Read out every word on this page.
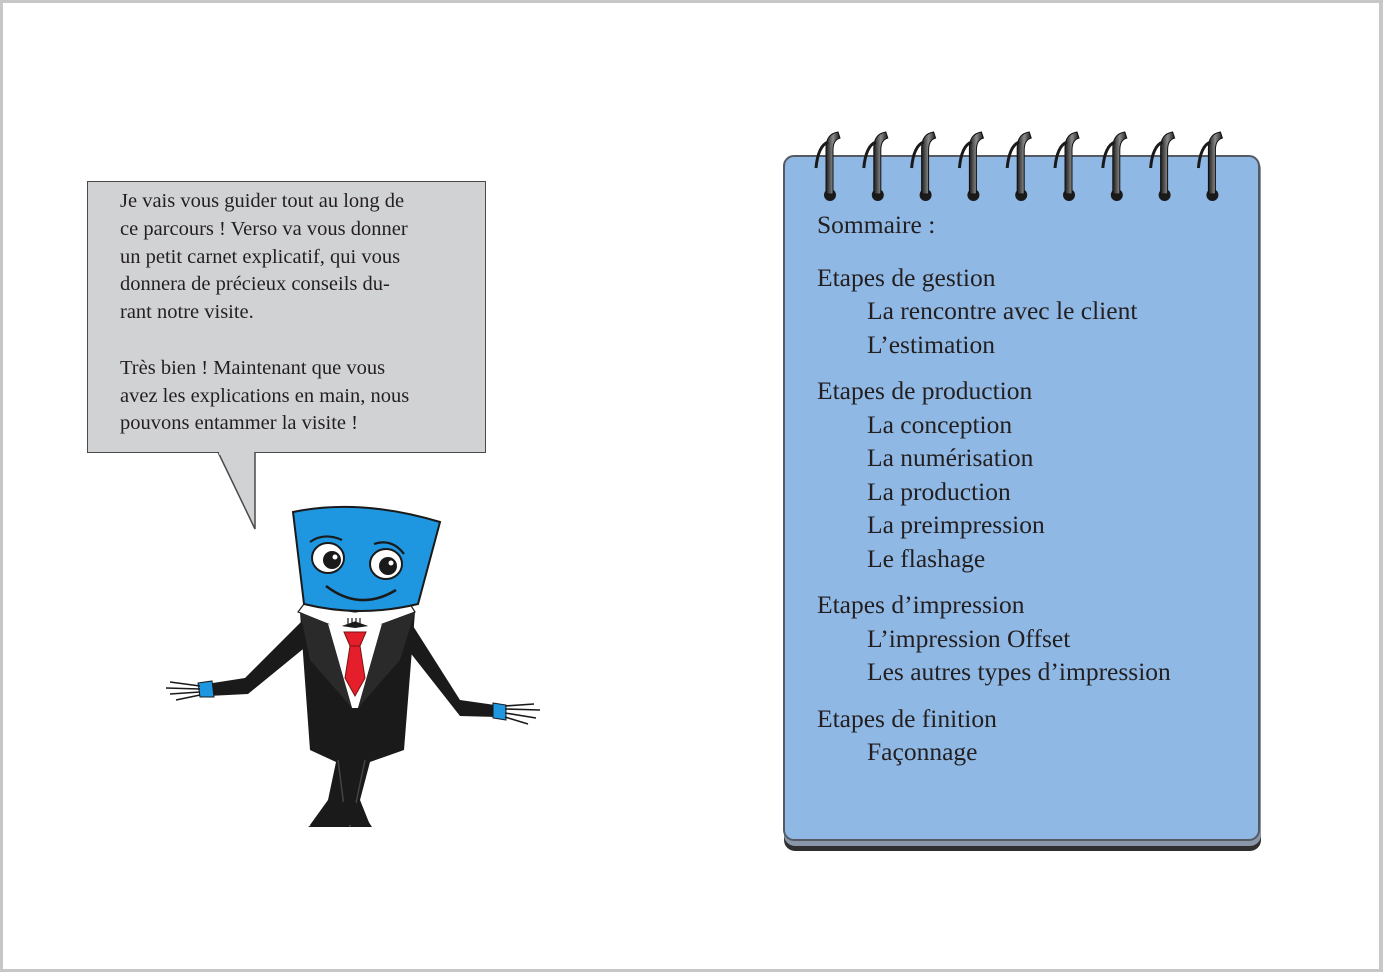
Je vais vous guider tout au long de
ce parcours ! Verso va vous donner
un petit carnet explicatif, qui vous
donnera de précieux conseils du-
rant notre visite.

Très bien ! Maintenant que vous
avez les explications en main, nous
pouvons entammer la visite !

Sommaire :
Etapes de gestion
La rencontre avec le client
L’estimation
Etapes de production
La conception
La numérisation
La production
La preimpression
Le flashage
Etapes d’impression
L’impression Offset
Les autres types d’impression
Etapes de finition
Façonnage
